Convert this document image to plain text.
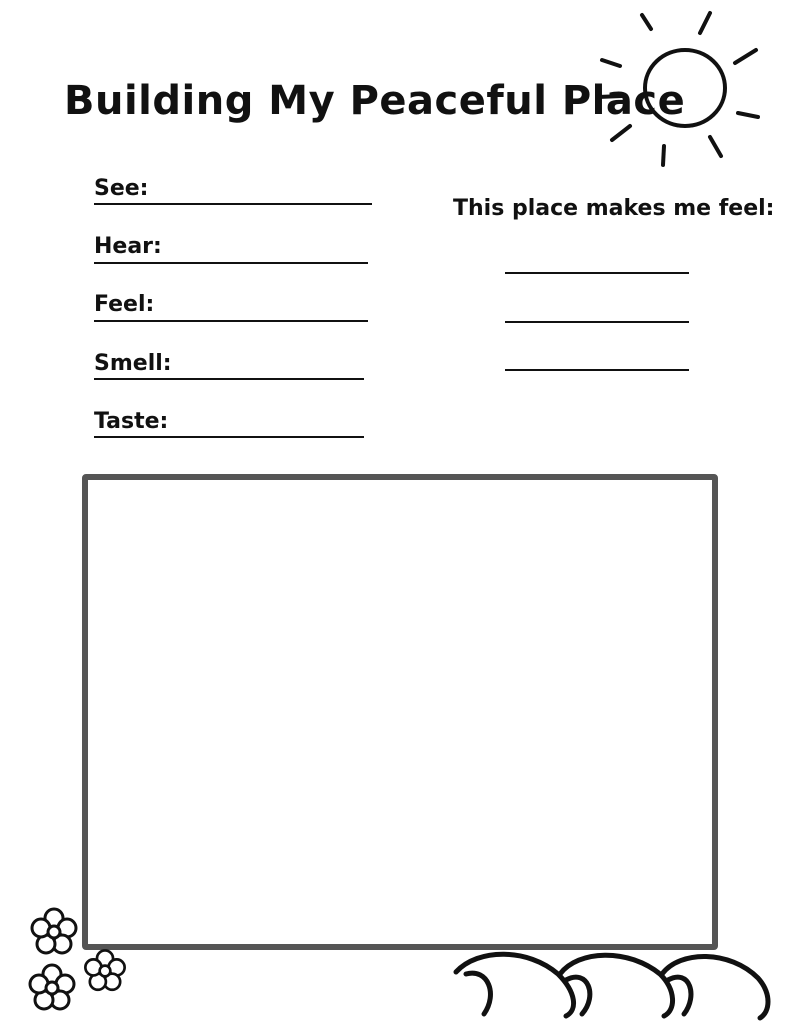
Building My Peaceful Place
See:
Hear:
Feel:
Smell:
Taste:
This place makes me feel:
